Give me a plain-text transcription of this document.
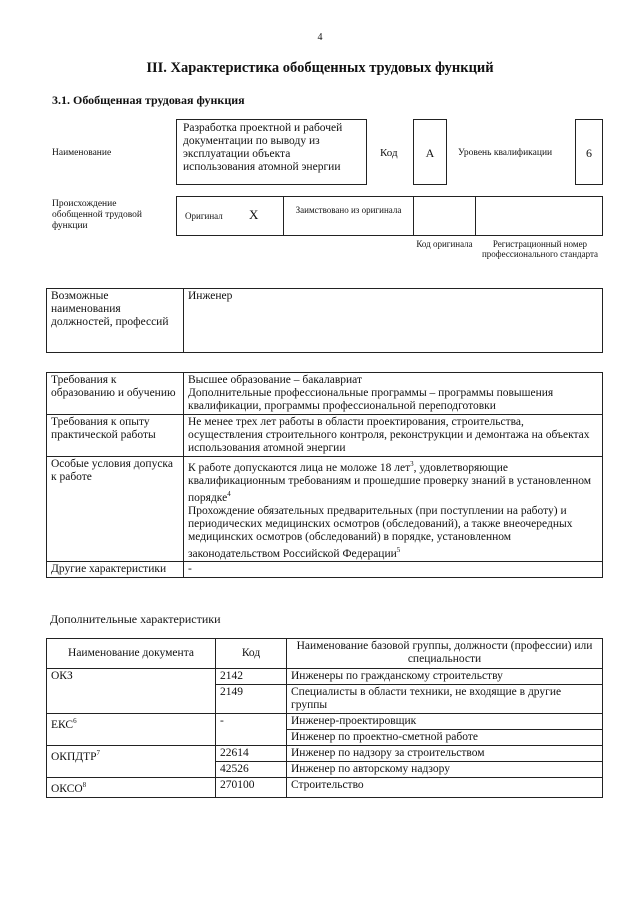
4
III. Характеристика обобщенных трудовых функций
3.1. Обобщенная трудовая функция
Наименование
Разработка проектной и рабочей документации по выводу из эксплуатации объекта использования атомной энергии
Код	А	Уровень квалификации	6
Происхождение обобщенной трудовой функции
Оригинал Х	Заимствовано из оригинала
Код оригинала	Регистрационный номер профессионального стандарта
Возможные наименования должностей, профессий	Инженер
Требования к образованию и обучению	Высшее образование – бакалавриат
Дополнительные профессиональные программы – программы повышения квалификации, программы профессиональной переподготовки

Требования к опыту практической работы	Не менее трех лет работы в области проектирования, строительства, осуществления строительного контроля, реконструкции и демонтажа на объектах использования атомной энергии
Особые условия допуска к работе	К работе допускаются лица не моложе 18 лет$^3$, удовлетворяющие квалификационным требованиям и прошедшие проверку знаний в установленном порядке$^4$
Прохождение обязательных предварительных (при поступлении на работу) и периодических медицинских осмотров (обследований), а также внеочередных медицинских осмотров (обследований) в порядке, установленном законодательством Российской Федерации$^5$

Другие характеристики	-
Дополнительные характеристики
Наименование документа	Код	Наименование базовой группы, должности (профессии) или специальности
ОКЗ	2142	Инженеры по гражданскому строительству
	2149	Специалисты в области техники, не входящие в другие группы
ЕКС$^6$	-	Инженер-проектировщик
		Инженер по проектно-сметной работе
ОКПДТР$^7$	22614	Инженер по надзору за строительством
	42526	Инженер по авторскому надзору
ОКСО$^8$	270100	Строительство
